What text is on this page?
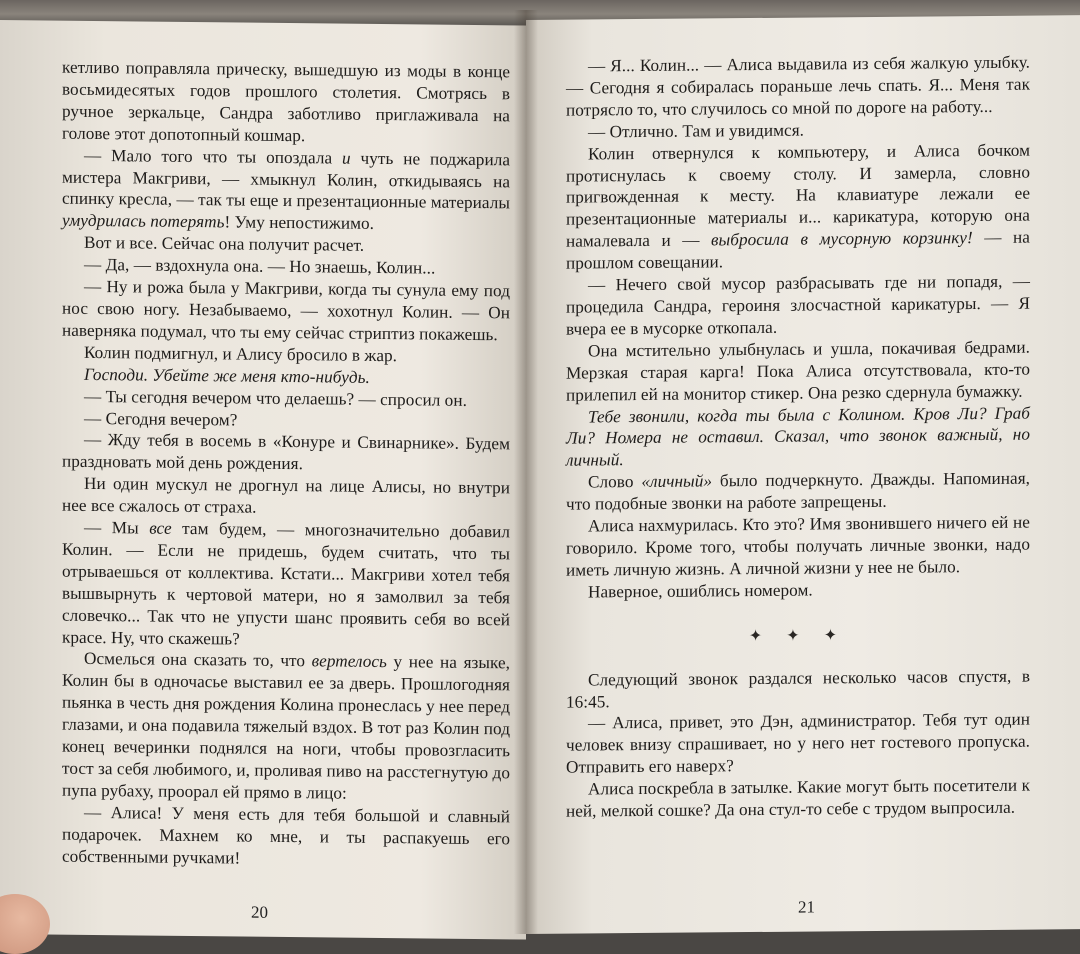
кетливо поправляла прическу, вышедшую из моды в конце восьмидесятых годов прошлого столетия. Смотрясь в ручное зеркальце, Сандра заботливо приглаживала на голове этот допотопный кошмар.

— Мало того что ты опоздала и чуть не поджарила мистера Макгриви, — хмыкнул Колин, откидываясь на спинку кресла, — так ты еще и презентационные материалы умудрилась потерять! Уму непостижимо.

Вот и все. Сейчас она получит расчет.

— Да, — вздохнула она. — Но знаешь, Колин...

— Ну и рожа была у Макгриви, когда ты сунула ему под нос свою ногу. Незабываемо, — хохотнул Колин. — Он наверняка подумал, что ты ему сейчас стриптиз покажешь.

Колин подмигнул, и Алису бросило в жар.

Господи. Убейте же меня кто-нибудь.

— Ты сегодня вечером что делаешь? — спросил он.

— Сегодня вечером?

— Жду тебя в восемь в «Конуре и Свинарнике». Будем праздновать мой день рождения.

Ни один мускул не дрогнул на лице Алисы, но внутри нее все сжалось от страха.

— Мы все там будем, — многозначительно добавил Колин. — Если не придешь, будем считать, что ты отрываешься от коллектива. Кстати... Макгриви хотел тебя вышвырнуть к чертовой матери, но я замолвил за тебя словечко... Так что не упусти шанс проявить себя во всей красе. Ну, что скажешь?

Осмелься она сказать то, что вертелось у нее на языке, Колин бы в одночасье выставил ее за дверь. Прошлогодняя пьянка в честь дня рождения Колина пронеслась у нее перед глазами, и она подавила тяжелый вздох. В тот раз Колин под конец вечеринки поднялся на ноги, чтобы провозгласить тост за себя любимого, и, проливая пиво на расстегнутую до пупа рубаху, проорал ей прямо в лицо:

— Алиса! У меня есть для тебя большой и славный подарочек. Махнем ко мне, и ты распакуешь его собственными ручками!

20

— Я... Колин... — Алиса выдавила из себя жалкую улыбку. — Сегодня я собиралась пораньше лечь спать. Я... Меня так потрясло то, что случилось со мной по дороге на работу...

— Отлично. Там и увидимся.

Колин отвернулся к компьютеру, и Алиса бочком протиснулась к своему столу. И замерла, словно пригвожденная к месту. На клавиатуре лежали ее презентационные материалы и... карикатура, которую она намалевала и — выбросила в мусорную корзинку! — на прошлом совещании.

— Нечего свой мусор разбрасывать где ни попадя, — процедила Сандра, героиня злосчастной карикатуры. — Я вчера ее в мусорке откопала.

Она мстительно улыбнулась и ушла, покачивая бедрами. Мерзкая старая карга! Пока Алиса отсутствовала, кто-то прилепил ей на монитор стикер. Она резко сдернула бумажку.

Тебе звонили, когда ты была с Колином. Кров Ли? Граб Ли? Номера не оставил. Сказал, что звонок важный, но личный.

Слово «личный» было подчеркнуто. Дважды. Напоминая, что подобные звонки на работе запрещены.

Алиса нахмурилась. Кто это? Имя звонившего ничего ей не говорило. Кроме того, чтобы получать личные звонки, надо иметь личную жизнь. А личной жизни у нее не было.

Наверное, ошиблись номером.

✦ ✦ ✦

Следующий звонок раздался несколько часов спустя, в 16:45.

— Алиса, привет, это Дэн, администратор. Тебя тут один человек внизу спрашивает, но у него нет гостевого пропуска. Отправить его наверх?

Алиса поскребла в затылке. Какие могут быть посетители к ней, мелкой сошке? Да она стул-то себе с трудом выпросила.

21
